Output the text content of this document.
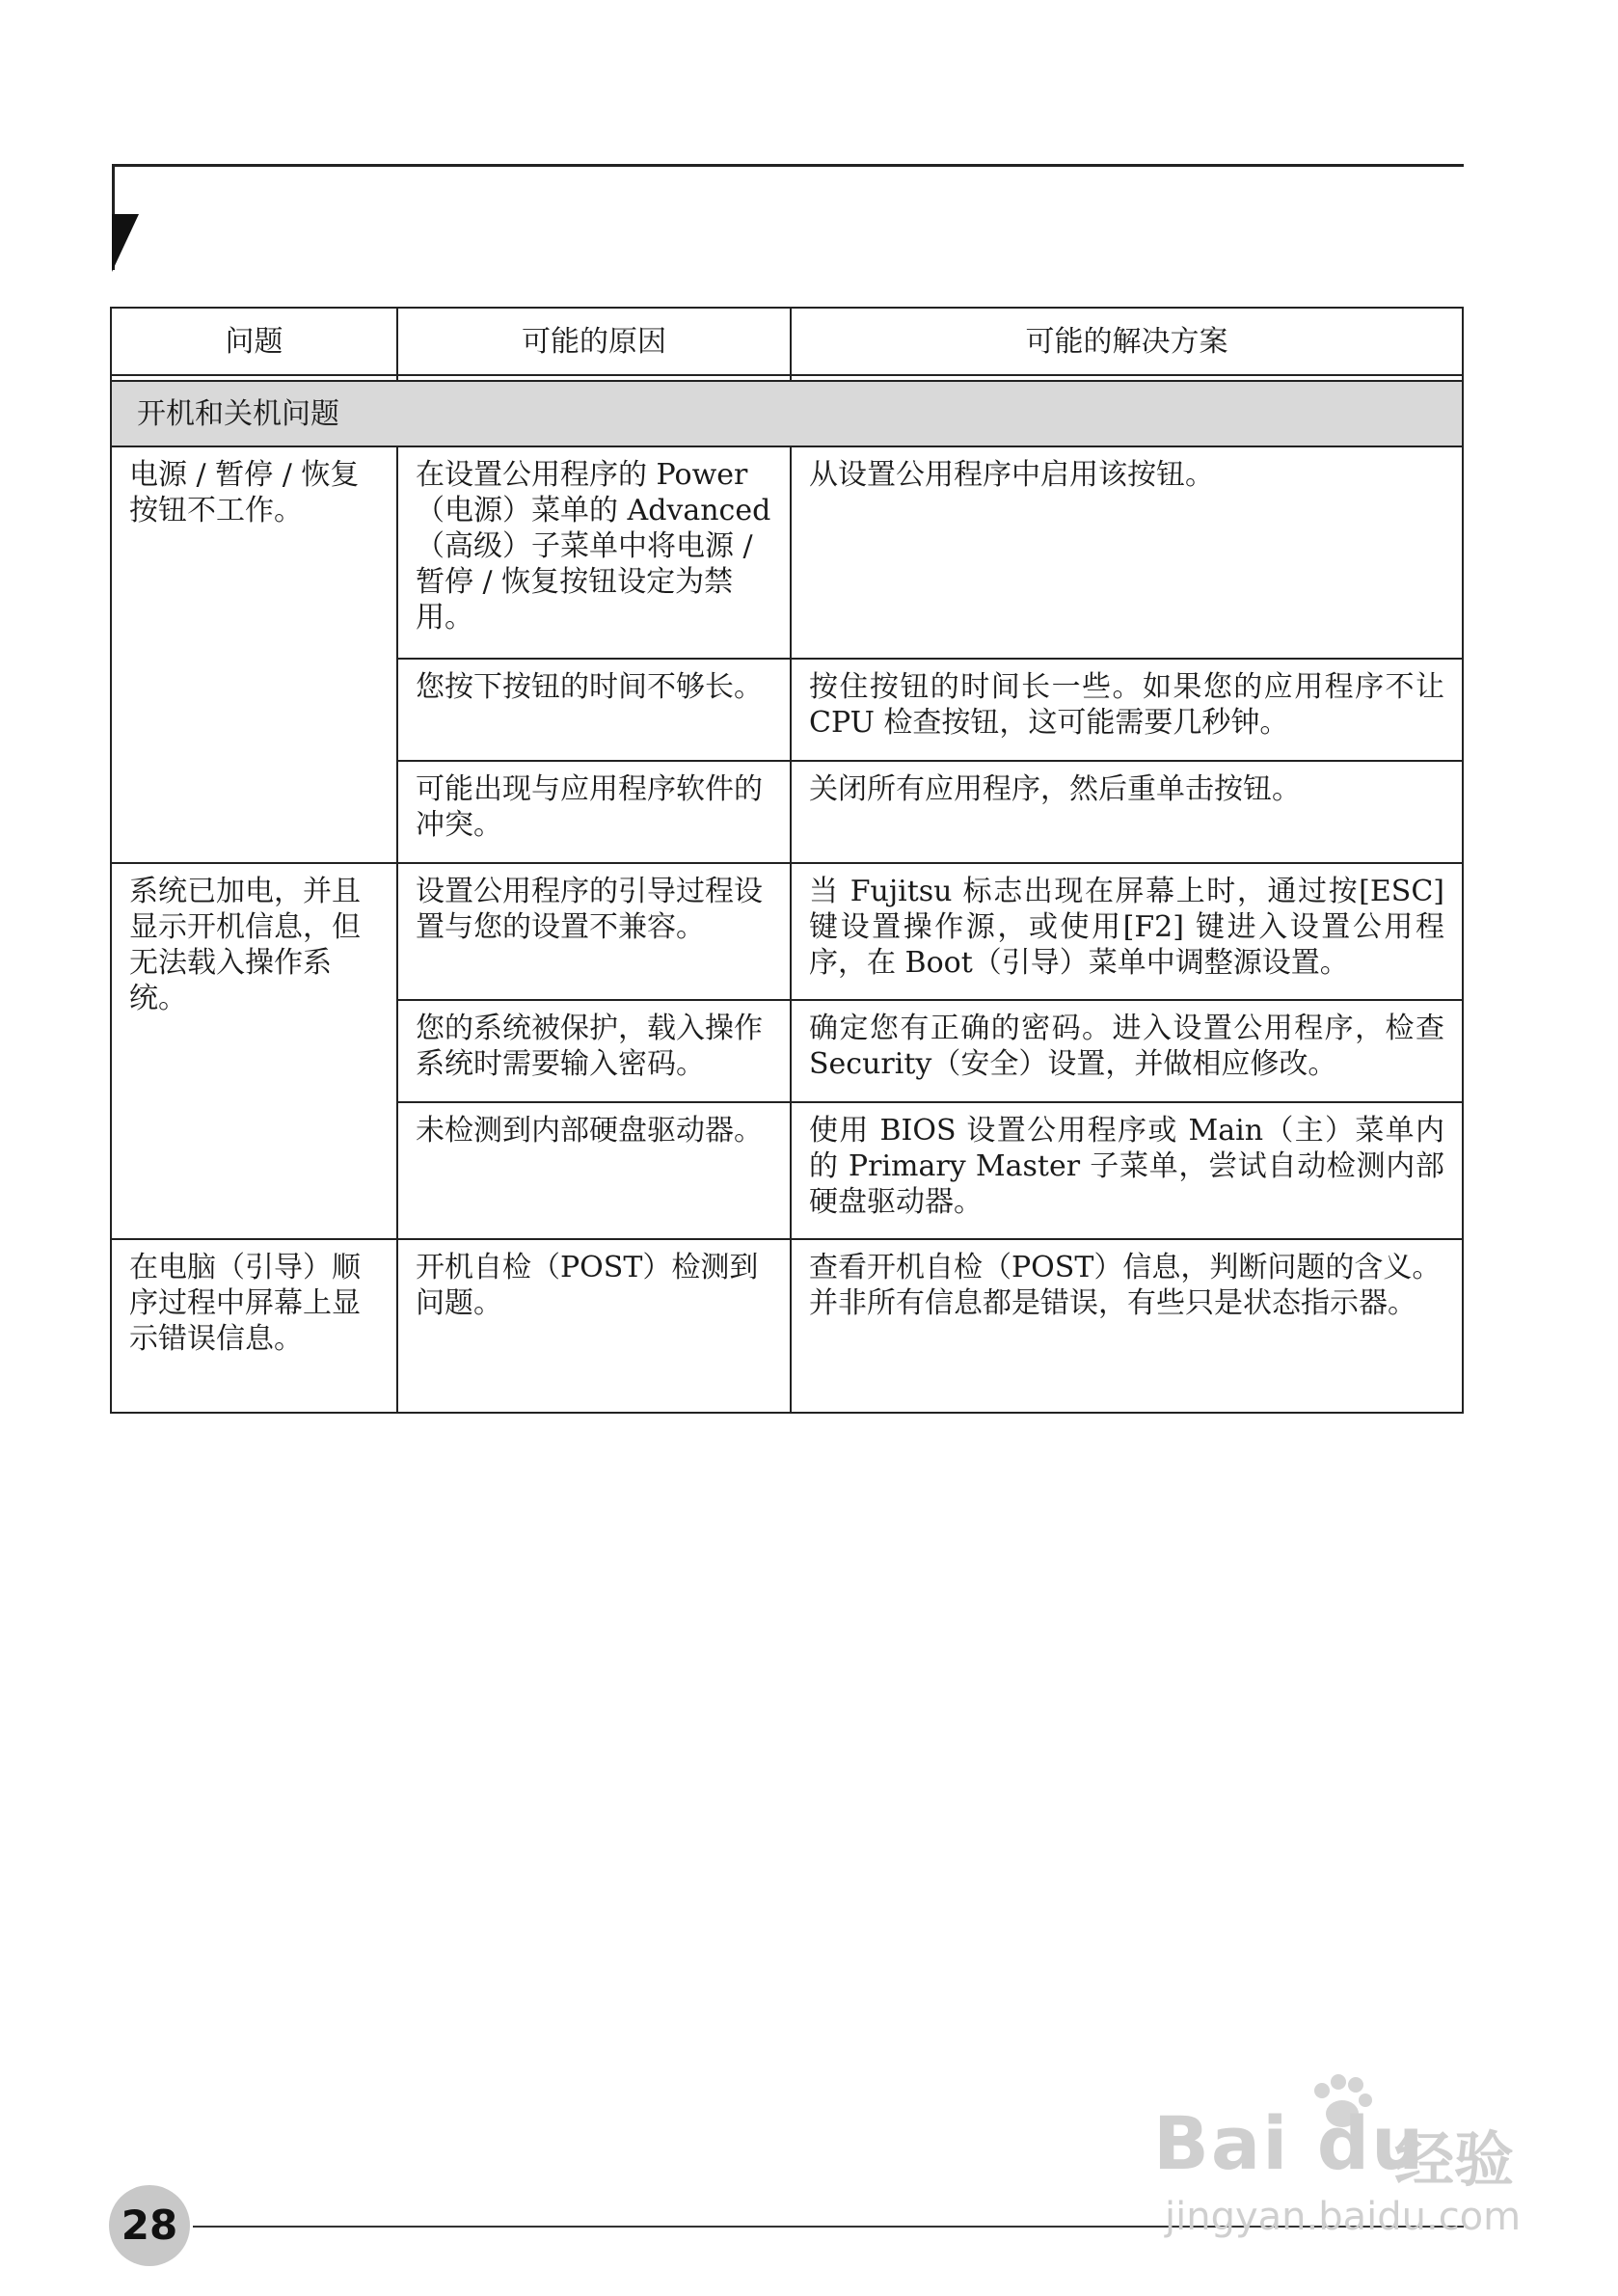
问题	可能的原因	可能的解决方案

开机和关机问题		
电源 / 暂停 / 恢复按钮不工作。	在设置公用程序的 Power（电源）菜单的 Advanced（高级）子菜单中将电源 / 暂停 / 恢复按钮设定为禁用。	从设置公用程序中启用该按钮。
	您按下按钮的时间不够长。	按住按钮的时间长一些。如果您的应用程序不让 CPU 检查按钮，这可能需要几秒钟。
	可能出现与应用程序软件的冲突。	关闭所有应用程序，然后重单击按钮。
系统已加电，并且显示开机信息，但无法载入操作系统。	设置公用程序的引导过程设置与您的设置不兼容。	当 Fujitsu 标志出现在屏幕上时，通过按[ESC] 键设置操作源，或使用[F2] 键进入设置公用程序，在 Boot（引导）菜单中调整源设置。
	您的系统被保护，载入操作系统时需要输入密码。	确定您有正确的密码。进入设置公用程序，检查 Security（安全）设置，并做相应修改。
	未检测到内部硬盘驱动器。	使用 BIOS 设置公用程序或 Main（主）菜单内的 Primary Master 子菜单，尝试自动检测内部硬盘驱动器。
在电脑（引导）顺序过程中屏幕上显示错误信息。	开机自检（POST）检测到问题。	查看开机自检（POST）信息，判断问题的含义。
并非所有信息都是错误，有些只是状态指示器。
28
Bai du
经验
jingyan.baidu.com
